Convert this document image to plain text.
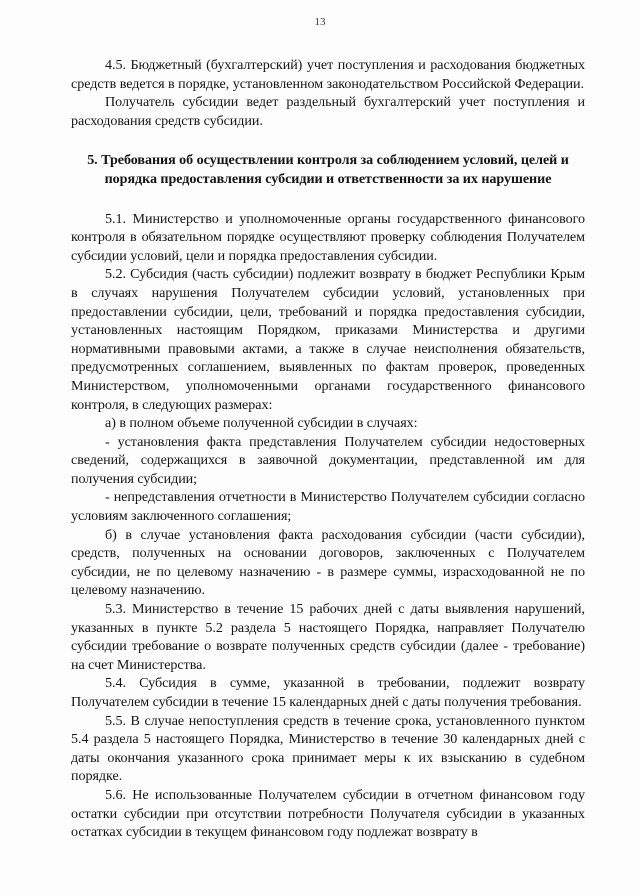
13

4.5. Бюджетный (бухгалтерский) учет поступления и расходования бюджетных средств ведется в порядке, установленном законодательством Российской Федерации.

Получатель субсидии ведет раздельный бухгалтерский учет поступления и расходования средств субсидии.

5. Требования об осуществлении контроля за соблюдением условий, целей и порядка предоставления субсидии и ответственности за их нарушение

5.1. Министерство и уполномоченные органы государственного финансового контроля в обязательном порядке осуществляют проверку соблюдения Получателем субсидии условий, цели и порядка предоставления субсидии.

5.2. Субсидия (часть субсидии) подлежит возврату в бюджет Республики Крым в случаях нарушения Получателем субсидии условий, установленных при предоставлении субсидии, цели, требований и порядка предоставления субсидии, установленных настоящим Порядком, приказами Министерства и другими нормативными правовыми актами, а также в случае неисполнения обязательств, предусмотренных соглашением, выявленных по фактам проверок, проведенных Министерством, уполномоченными органами государственного финансового контроля, в следующих размерах:

а) в полном объеме полученной субсидии в случаях:

- установления факта представления Получателем субсидии недостоверных сведений, содержащихся в заявочной документации, представленной им для получения субсидии;

- непредставления отчетности в Министерство Получателем субсидии согласно условиям заключенного соглашения;

б) в случае установления факта расходования субсидии (части субсидии), средств, полученных на основании договоров, заключенных с Получателем субсидии, не по целевому назначению - в размере суммы, израсходованной не по целевому назначению.

5.3. Министерство в течение 15 рабочих дней с даты выявления нарушений, указанных в пункте 5.2 раздела 5 настоящего Порядка, направляет Получателю субсидии требование о возврате полученных средств субсидии (далее - требование) на счет Министерства.

5.4. Субсидия в сумме, указанной в требовании, подлежит возврату Получателем субсидии в течение 15 календарных дней с даты получения требования.

5.5. В случае непоступления средств в течение срока, установленного пунктом 5.4 раздела 5 настоящего Порядка, Министерство в течение 30 календарных дней с даты окончания указанного срока принимает меры к их взысканию в судебном порядке.

5.6. Не использованные Получателем субсидии в отчетном финансовом году остатки субсидии при отсутствии потребности Получателя субсидии в указанных остатках субсидии в текущем финансовом году подлежат возврату в
